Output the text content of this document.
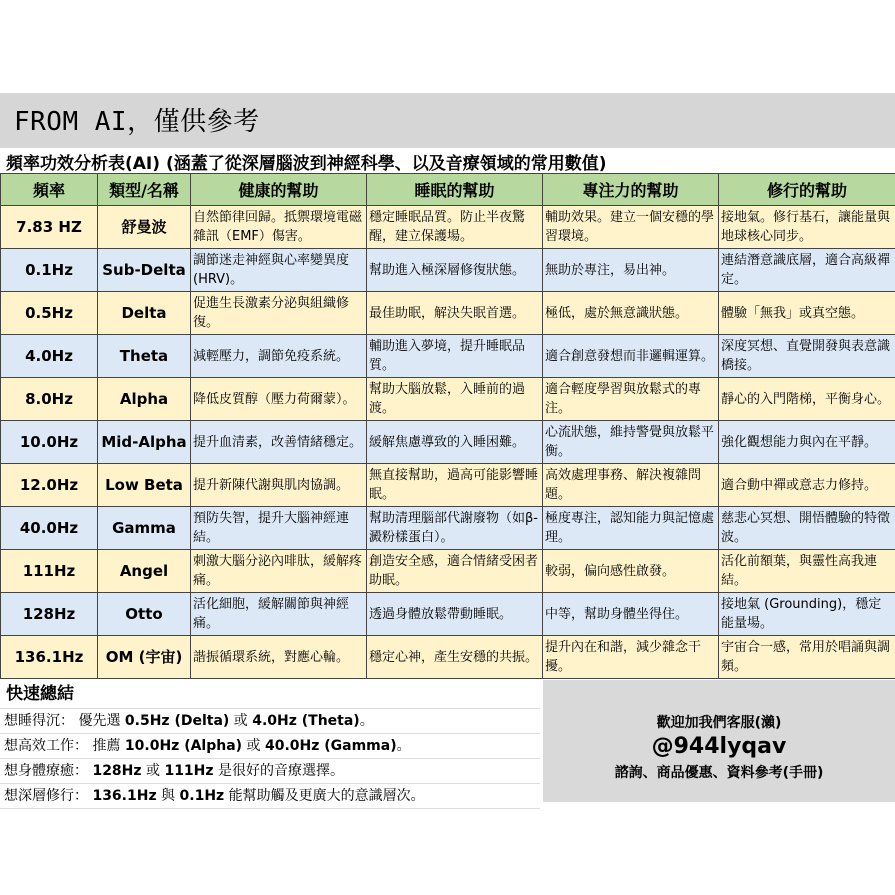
FROM AI，僅供參考
頻率功效分析表(AI) (涵蓋了從深層腦波到神經科學、以及音療領域的常用數值)
頻率	類型/名稱	健康的幫助	睡眠的幫助	專注力的幫助	修行的幫助
7.83 HZ	舒曼波	自然節律回歸。抵禦環境電磁雜訊（EMF）傷害。	穩定睡眠品質。防止半夜驚醒，建立保護場。	輔助效果。建立一個安穩的學習環境。	接地氣。修行基石，讓能量與地球核心同步。
0.1Hz	Sub-Delta	調節迷走神經與心率變異度 (HRV)。	幫助進入極深層修復狀態。	無助於專注，易出神。	連結潛意識底層，適合高級禪定。
0.5Hz	Delta	促進生長激素分泌與組織修復。	最佳助眠，解決失眠首選。	極低，處於無意識狀態。	體驗「無我」或真空態。
4.0Hz	Theta	減輕壓力，調節免疫系統。	輔助進入夢境，提升睡眠品質。	適合創意發想而非邏輯運算。	深度冥想、直覺開發與表意識橋接。
8.0Hz	Alpha	降低皮質醇（壓力荷爾蒙）。	幫助大腦放鬆，入睡前的過渡。	適合輕度學習與放鬆式的專注。	靜心的入門階梯，平衡身心。
10.0Hz	Mid-Alpha	提升血清素，改善情緒穩定。	緩解焦慮導致的入睡困難。	心流狀態，維持警覺與放鬆平衡。	強化觀想能力與內在平靜。
12.0Hz	Low Beta	提升新陳代謝與肌肉協調。	無直接幫助，過高可能影響睡眠。	高效處理事務、解決複雜問題。	適合動中禪或意志力修持。
40.0Hz	Gamma	預防失智，提升大腦神經連結。	幫助清理腦部代謝廢物（如β-澱粉樣蛋白）。	極度專注，認知能力與記憶處理。	慈悲心冥想、開悟體驗的特徵波。
111Hz	Angel	刺激大腦分泌內啡肽，緩解疼痛。	創造安全感，適合情緒受困者助眠。	較弱，偏向感性啟發。	活化前額葉，與靈性高我連結。
128Hz	Otto	活化細胞，緩解關節與神經痛。	透過身體放鬆帶動睡眠。	中等，幫助身體坐得住。	接地氣 (Grounding)，穩定能量場。
136.1Hz	OM (宇宙)	諧振循環系統，對應心輪。	穩定心神，產生安穩的共振。	提升內在和諧，減少雜念干擾。	宇宙合一感，常用於唱誦與調頻。
快速總結
想睡得沉： 優先選 0.5Hz (Delta) 或 4.0Hz (Theta)。
想高效工作： 推薦 10.0Hz (Alpha) 或 40.0Hz (Gamma)。
想身體療癒： 128Hz 或 111Hz 是很好的音療選擇。
想深層修行： 136.1Hz 與 0.1Hz 能幫助觸及更廣大的意識層次。
歡迎加我們客服(瀨)
@944lyqav
諮詢、商品優惠、資料參考(手冊)
